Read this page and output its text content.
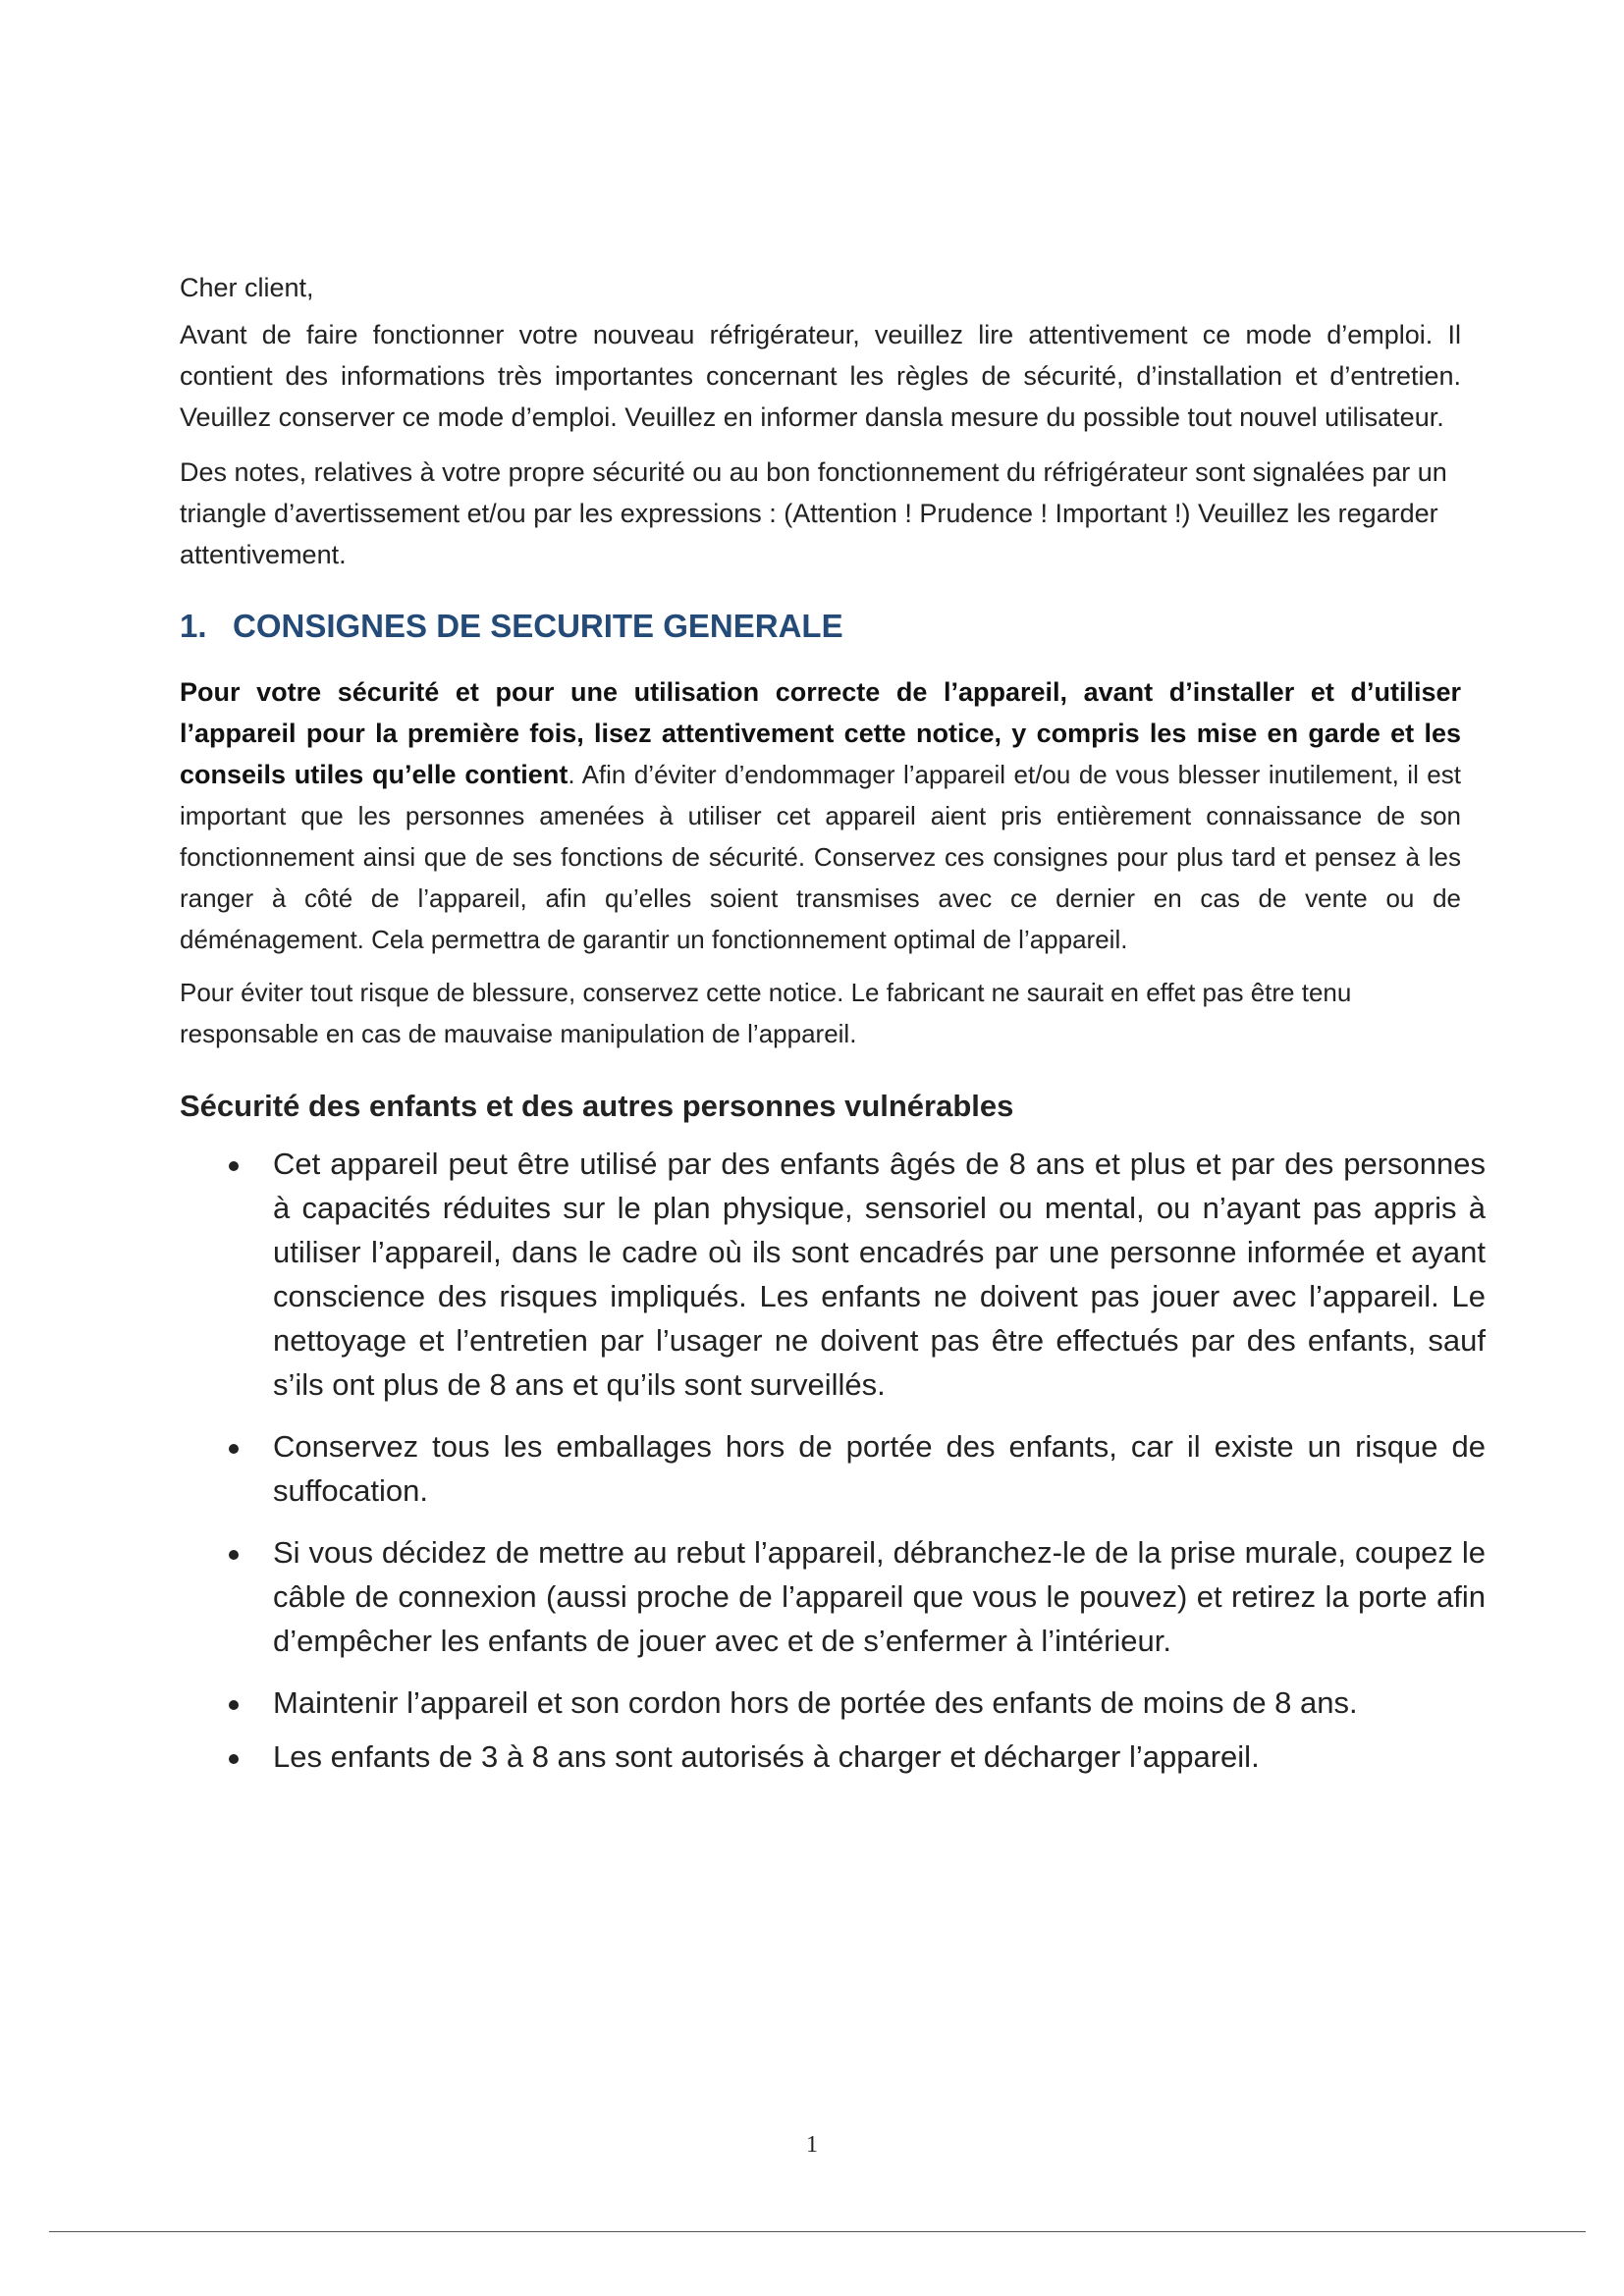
Cher client,

Avant de faire fonctionner votre nouveau réfrigérateur, veuillez lire attentivement ce mode d’emploi. Il contient des informations très importantes concernant les règles de sécurité, d’installation et d’entretien. Veuillez conserver ce mode d’emploi. Veuillez en informer dansla mesure du possible tout nouvel utilisateur.

Des notes, relatives à votre propre sécurité ou au bon fonctionnement du réfrigérateur sont signalées par un triangle d’avertissement et/ou par les expressions : (Attention ! Prudence ! Important !) Veuillez les regarder attentivement.

1. CONSIGNES DE SECURITE GENERALE

Pour votre sécurité et pour une utilisation correcte de l’appareil, avant d’installer et d’utiliser l’appareil pour la première fois, lisez attentivement cette notice, y compris les mise en garde et les conseils utiles qu’elle contient. Afin d’éviter d’endommager l’appareil et/ou de vous blesser inutilement, il est important que les personnes amenées à utiliser cet appareil aient pris entièrement connaissance de son fonctionnement ainsi que de ses fonctions de sécurité. Conservez ces consignes pour plus tard et pensez à les ranger à côté de l’appareil, afin qu’elles soient transmises avec ce dernier en cas de vente ou de déménagement. Cela permettra de garantir un fonctionnement optimal de l’appareil.

Pour éviter tout risque de blessure, conservez cette notice. Le fabricant ne saurait en effet pas être tenu responsable en cas de mauvaise manipulation de l’appareil.

Sécurité des enfants et des autres personnes vulnérables
Cet appareil peut être utilisé par des enfants âgés de 8 ans et plus et par des personnes à capacités réduites sur le plan physique, sensoriel ou mental, ou n’ayant pas appris à utiliser l’appareil, dans le cadre où ils sont encadrés par une personne informée et ayant conscience des risques impliqués. Les enfants ne doivent pas jouer avec l’appareil. Le nettoyage et l’entretien par l’usager ne doivent pas être effectués par des enfants, sauf s’ils ont plus de 8 ans et qu’ils sont surveillés.
Conservez tous les emballages hors de portée des enfants, car il existe un risque de suffocation.
Si vous décidez de mettre au rebut l’appareil, débranchez-le de la prise murale, coupez le câble de connexion (aussi proche de l’appareil que vous le pouvez) et retirez la porte afin d’empêcher les enfants de jouer avec et de s’enfermer à l’intérieur.
Maintenir l’appareil et son cordon hors de portée des enfants de moins de 8 ans.
Les enfants de 3 à 8 ans sont autorisés à charger et décharger l’appareil.
1
